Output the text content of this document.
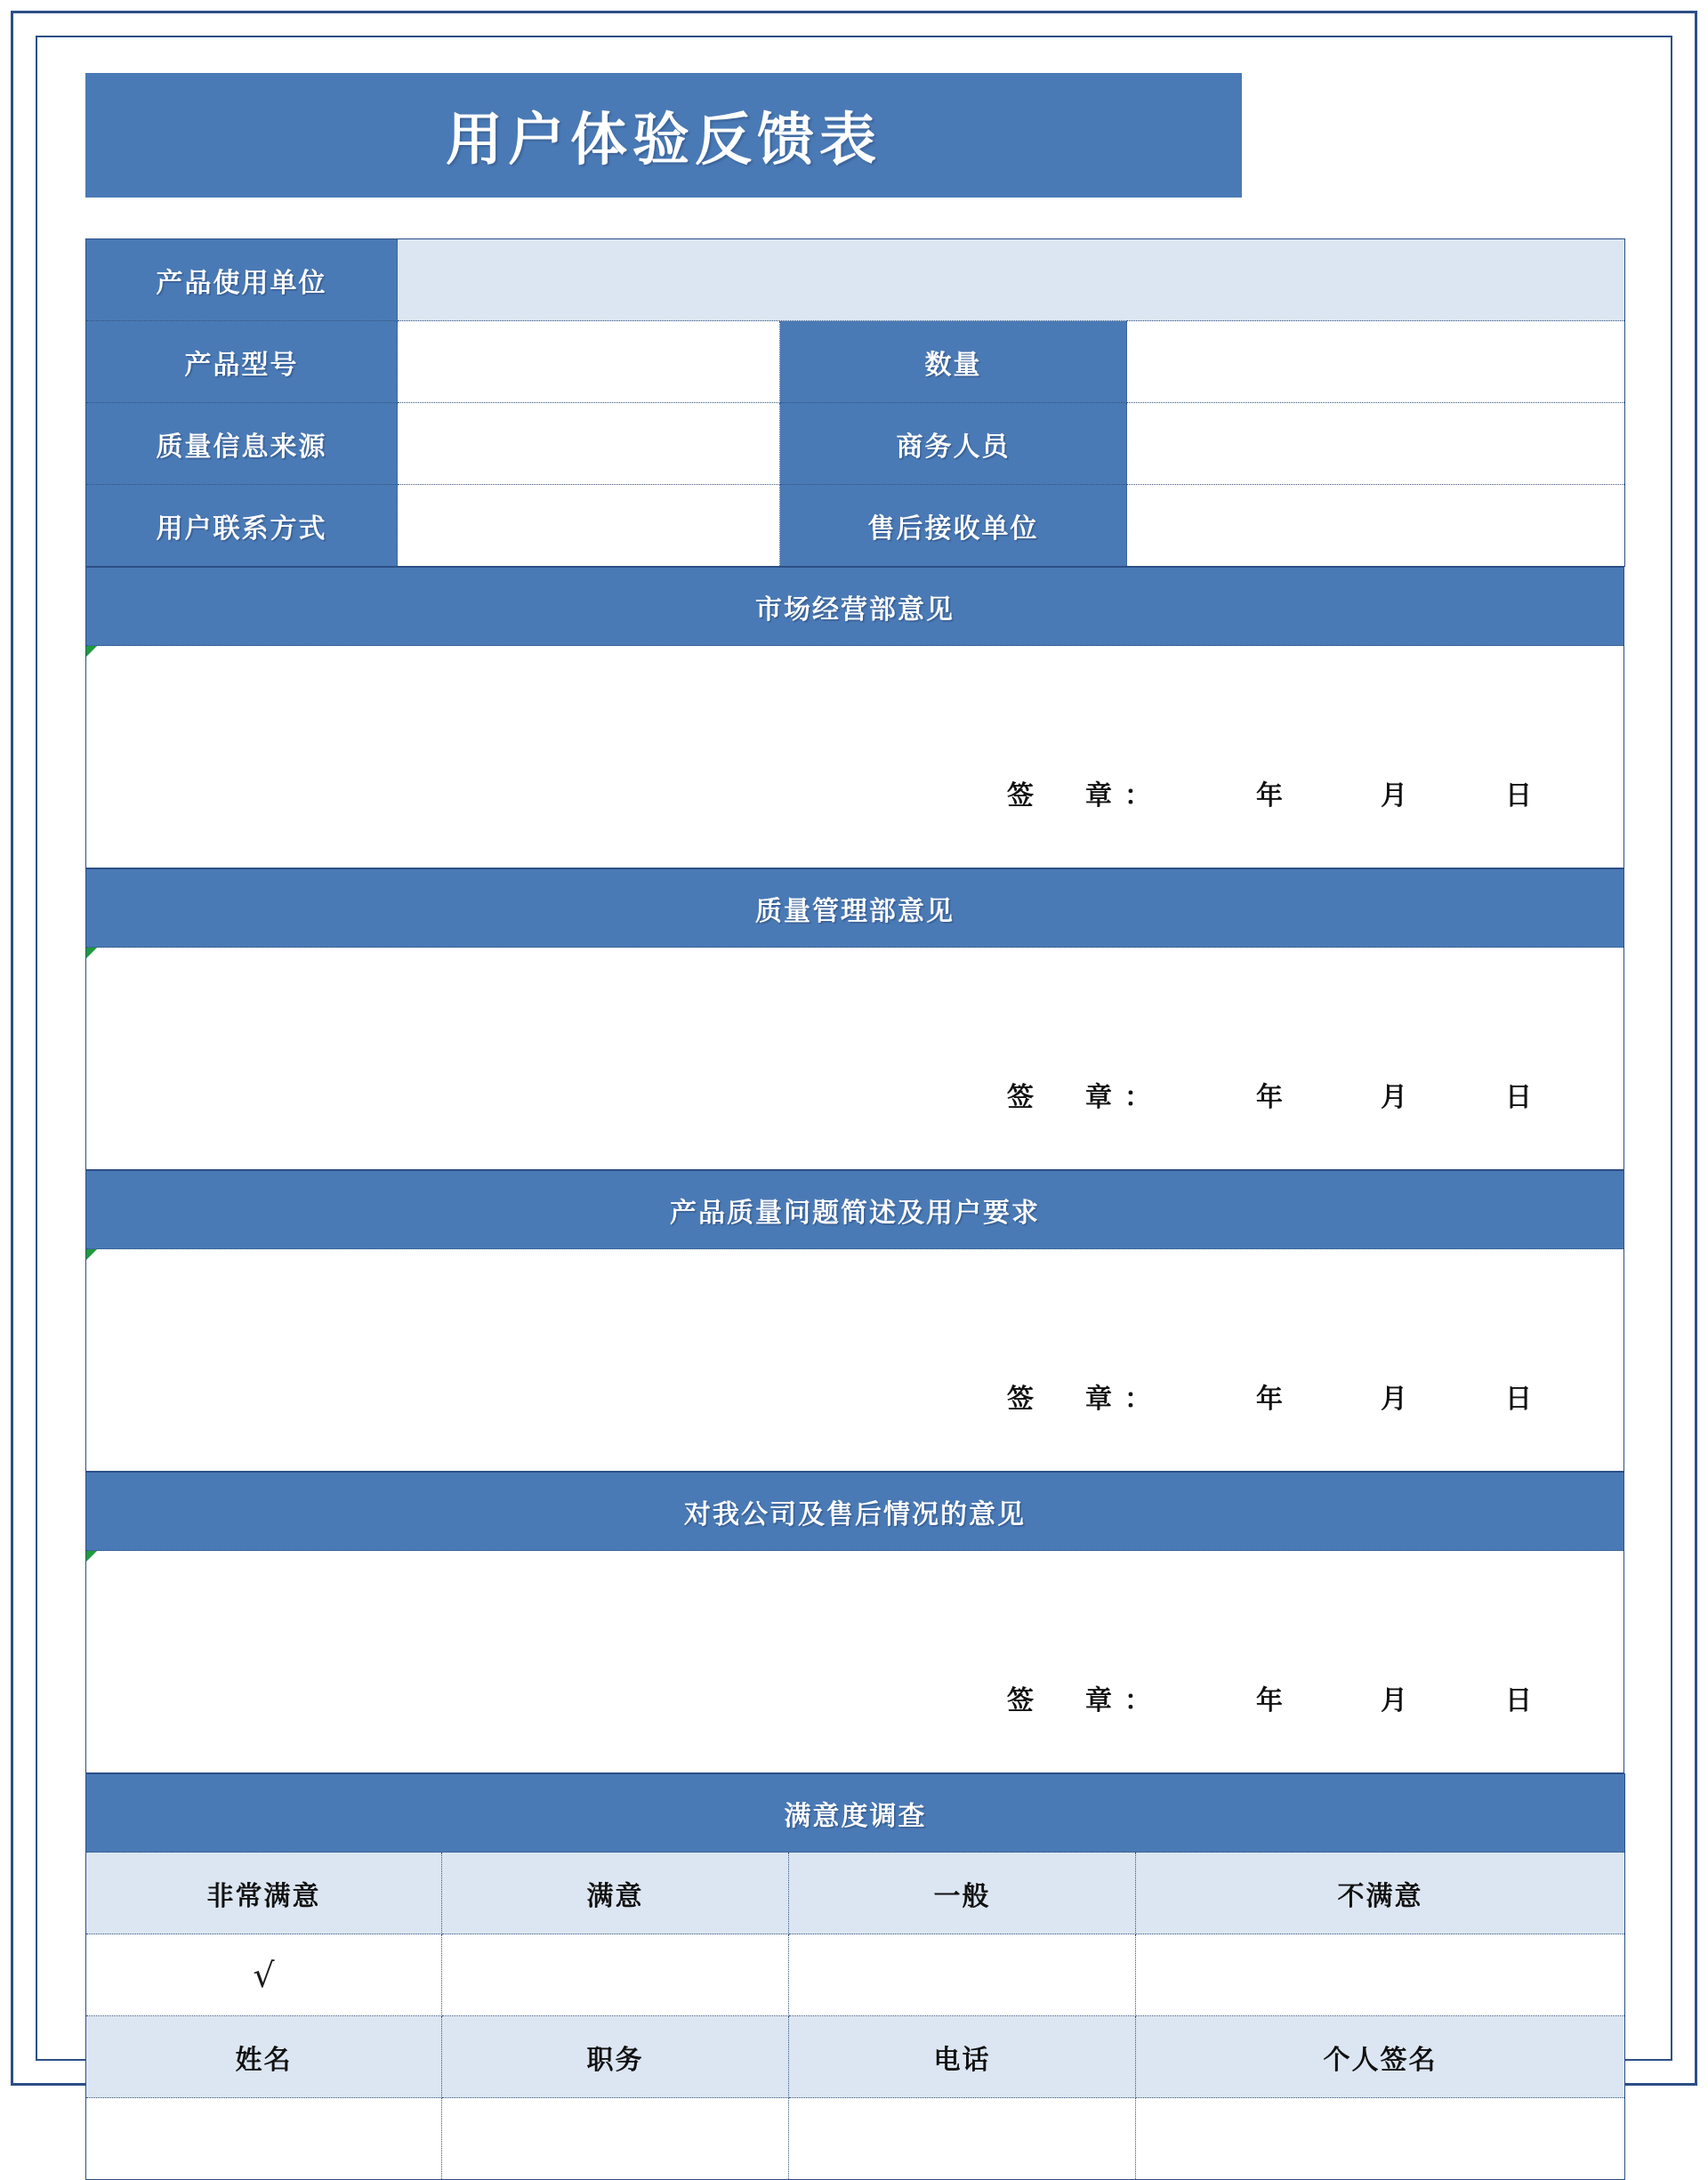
用户体验反馈表
产品使用单位			
产品型号		数量	
质量信息来源		商务人员	
用户联系方式		售后接收单位	
市场经营部意见

签　章：	年	月	日
质量管理部意见

签　章：	年	月	日
产品质量问题简述及用户要求

签　章：	年	月	日
对我公司及售后情况的意见

签　章：	年	月	日
满意度调查			
非常满意	满意	一般	不满意
√			
姓名	职务	电话	个人签名
